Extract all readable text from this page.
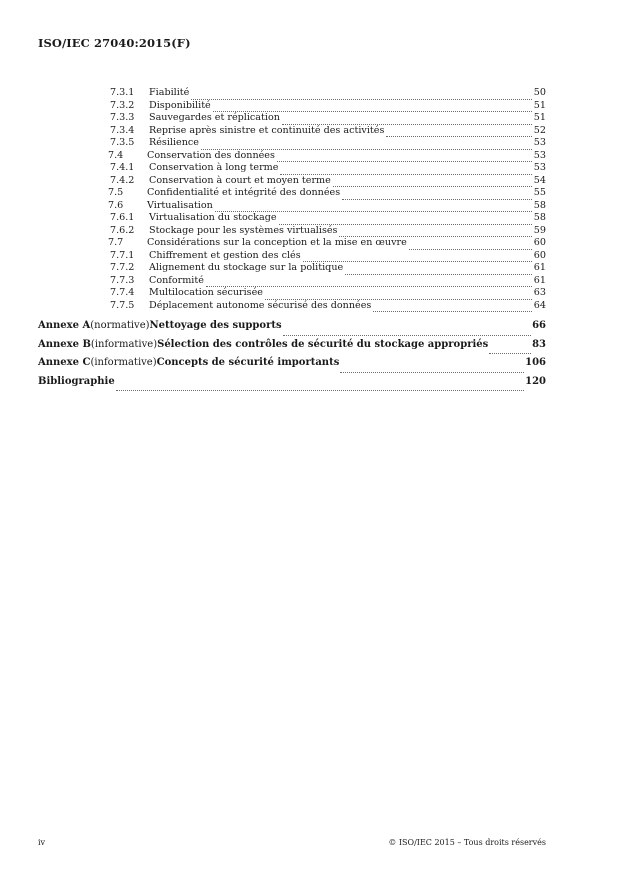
ISO/IEC 27040:2015(F)
7.3.1 Fiabilité	50
7.3.2 Disponibilité	51
7.3.3 Sauvegardes et réplication	51
7.3.4 Reprise après sinistre et continuité des activités	52
7.3.5 Résilience	53
7.4 Conservation des données	53
7.4.1 Conservation à long terme	53
7.4.2 Conservation à court et moyen terme	54
7.5 Confidentialité et intégrité des données	55
7.6 Virtualisation	58
7.6.1 Virtualisation du stockage	58
7.6.2 Stockage pour les systèmes virtualisés	59
7.7 Considérations sur la conception et la mise en œuvre	60
7.7.1 Chiffrement et gestion des clés	60
7.7.2 Alignement du stockage sur la politique	61
7.7.3 Conformité	61
7.7.4 Multilocation sécurisée	63
7.7.5 Déplacement autonome sécurisé des données	64
Annexe A (normative) Nettoyage des supports	66
Annexe B (informative) Sélection des contrôles de sécurité du stockage appropriés	83
Annexe C (informative) Concepts de sécurité importants	106
Bibliographie	120
iv	© ISO/IEC 2015 – Tous droits réservés
